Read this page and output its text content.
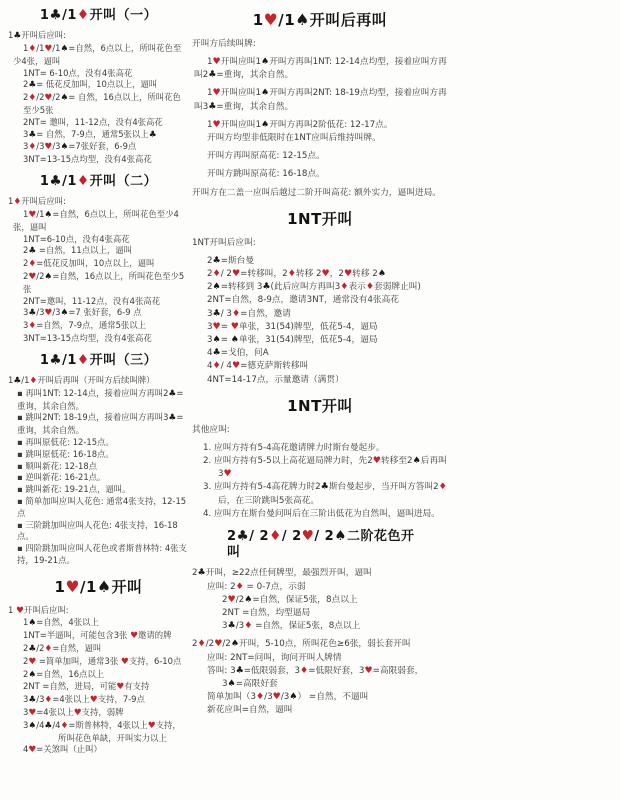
1♣/1♦开叫（一）
1♣开叫后应叫:
1♦/1♥/1♠=自然，6点以上，所叫花色至少4张，逼叫
1NT= 6-10点，没有4张高花
2♣= 低花反加叫，10点以上，逼叫
2♦/2♥/2♠= 自然，16点以上，所叫花色至少5张
2NT= 邀叫，11-12点，没有4张高花
3♣= 自然，7-9点，通常5张以上♣
3♦/3♥/3♠=7张好套，6-9点
3NT=13-15点均型，没有4张高花
1♣/1♦开叫（二）
1♦开叫后应叫:
1♥/1♠=自然，6点以上，所叫花色至少4张，逼叫
1NT=6-10点，没有4张高花
2♣ =自然，11点以上，逼叫
2♦=低花反加叫，10点以上，逼叫
2♥/2♠=自然，16点以上，所叫花色至少5张
2NT=邀叫，11-12点，没有4张高花
3♣/3♥/3♠=7 张好套，6-9 点
3♦=自然，7-9点，通常5张以上
3NT=13-15点均型，没有4张高花
1♣/1♦开叫（三）
1♣/1♦开叫后再叫（开叫方后续叫牌）
▪ 再叫1NT: 12-14点，接着应叫方再叫2♣= 重询，其余自然。
▪ 跳叫2NT: 18-19点，接着应叫方再叫3♣= 重询，其余自然。
▪ 再叫原低花: 12-15点。
▪ 跳叫原低花: 16-18点。
▪ 顺叫新花: 12-18点
▪ 逆叫新花: 16-21点。
▪ 跳叫新花: 19-21点，逼叫。
▪ 简单加叫应叫人花色: 通常4张支持，12-15点
▪ 三阶跳加叫应叫人花色: 4张支持，16-18点。
▪ 四阶跳加叫应叫人花色或者斯普林特: 4张支持，19-21点。
1♥/1♠开叫
1 ♥开叫后应叫:
1♠=自然，4张以上
1NT=半逼叫，可能包含3张 ♥邀请的牌
2♣/2♦=自然，逼叫
2♥ =简单加叫，通常3张 ♥支持，6-10点
2♠=自然，16点以上
2NT =自然，进局，可能♥有支持
3♣/3♦=4张以上♥支持，7-9点
3♥=4张以上♥支持，弱牌
3♠/4♣/4♦=斯普林特，4张以上♥支持，
所叫花色单缺，开叫实力以上
4♥=关煞叫（止叫）
1♥/1♠开叫后再叫
开叫方后续叫牌:
1♥开叫应叫1♠开叫方再叫1NT: 12-14点均型，接着应叫方再叫2♣=重询，其余自然。
1♥开叫应叫1♠开叫方再叫2NT: 18-19点均型，接着应叫方再叫3♣=重询，其余自然。
1♥开叫应叫1♠开叫方再叫2阶低花: 12-17点。
开叫方均型非低限时在1NT应叫后维持叫牌。
开叫方再叫原高花: 12-15点。
开叫方跳叫原高花: 16-18点。
开叫方在二盖一应叫后越过二阶开叫高花: 额外实力，逼叫进局。
1NT开叫
1NT开叫后应叫:
2♣=斯台曼
2♦/ 2♥=转移叫，2♦转移 2♥，2♥转移 2♠
2♠=转移到 3♣(此后应叫方再叫3♦表示♦套弱牌止叫)
2NT=自然，8-9点，邀请3NT，通常没有4张高花
3♣/ 3♦=自然，邀请
3♥= ♥单张，31(54)牌型，低花5-4，逼局
3♠= ♠单张，31(54)牌型，低花5-4，逼局
4♣=戈伯，问A
4♦/ 4♥=德克萨斯转移叫
4NT=14-17点，示量邀请（满贯）
1NT开叫
其他应叫:
1. 应叫方持有5-4高花邀请牌力时斯台曼起步。
2. 应叫方持有5-5以上高花逼局牌力时，先2♥转移至2♠后再叫3♥
3. 应叫方持有5-4高花牌力时2♣斯台曼起步，当开叫方答叫2♦后，在三阶跳叫5张高花。
4. 应叫方在斯台曼问叫后在三阶出低花为自然叫，逼叫进局。
2♣/ 2♦/ 2♥/ 2♠二阶花色开叫
2♣开叫，≥22点任何牌型，最强烈开叫，逼叫
应叫: 2♦ = 0-7点，示弱
2♥/2♠=自然，保证5张，8点以上
2NT =自然，均型逼局
3♣/3♦ =自然，保证5张，8点以上
2♦/2♥/2♠开叫，5-10点，所叫花色≥6张，弱长套开叫
应叫: 2NT=问叫，询问开叫人牌情
答叫: 3♣=低限弱套，3♦=低限好套，3♥=高限弱套，
3♠=高限好套
简单加叫（3♦/3♥/3♠） =自然，不逼叫
新花应叫=自然，逼叫
